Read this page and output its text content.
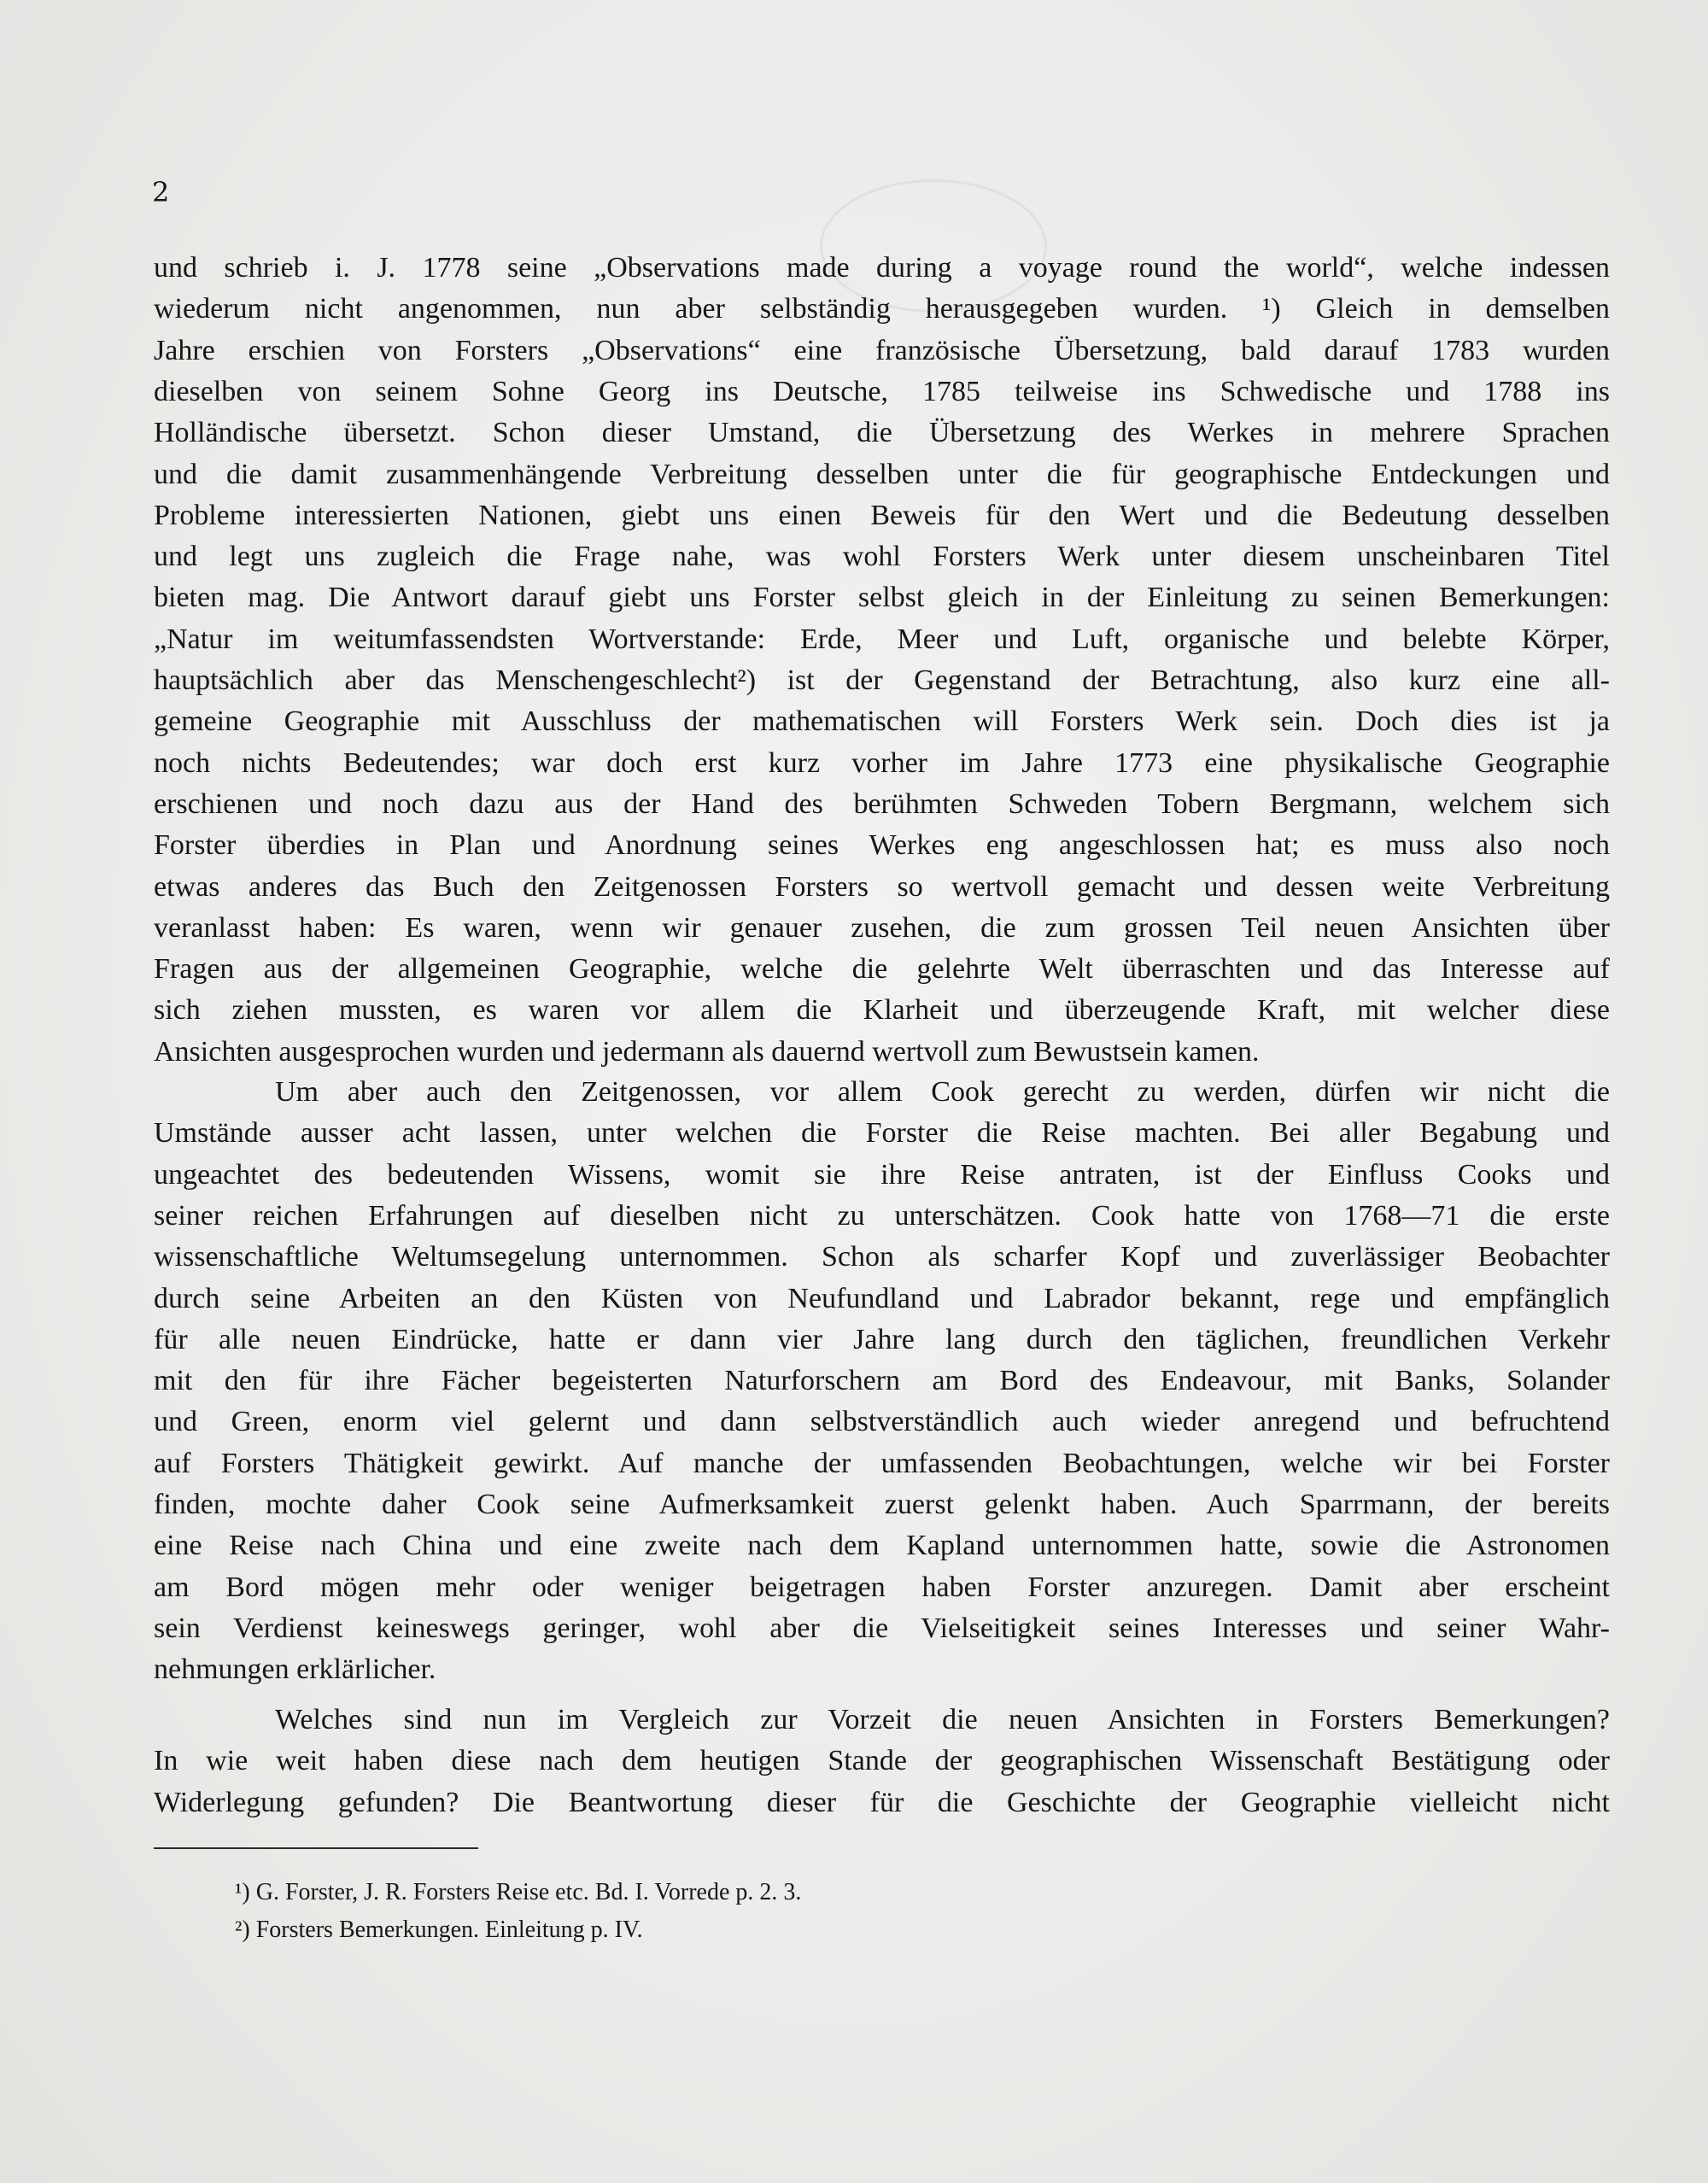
2
und schrieb i. J. 1778 seine „Observations made during a voyage round the world“, welche indessen
wiederum nicht angenommen, nun aber selbständig herausgegeben wurden. ¹) Gleich in demselben
Jahre erschien von Forsters „Observations“ eine französische Übersetzung, bald darauf 1783 wurden
dieselben von seinem Sohne Georg ins Deutsche, 1785 teilweise ins Schwedische und 1788 ins
Holländische übersetzt. Schon dieser Umstand, die Übersetzung des Werkes in mehrere Sprachen
und die damit zusammenhängende Verbreitung desselben unter die für geographische Entdeckungen und
Probleme interessierten Nationen, giebt uns einen Beweis für den Wert und die Bedeutung desselben
und legt uns zugleich die Frage nahe, was wohl Forsters Werk unter diesem unscheinbaren Titel
bieten mag. Die Antwort darauf giebt uns Forster selbst gleich in der Einleitung zu seinen Bemerkungen:
„Natur im weitumfassendsten Wortverstande: Erde, Meer und Luft, organische und belebte Körper,
hauptsächlich aber das Menschengeschlecht²) ist der Gegenstand der Betrachtung, also kurz eine all-
gemeine Geographie mit Ausschluss der mathematischen will Forsters Werk sein. Doch dies ist ja
noch nichts Bedeutendes; war doch erst kurz vorher im Jahre 1773 eine physikalische Geographie
erschienen und noch dazu aus der Hand des berühmten Schweden Tobern Bergmann, welchem sich
Forster überdies in Plan und Anordnung seines Werkes eng angeschlossen hat; es muss also noch
etwas anderes das Buch den Zeitgenossen Forsters so wertvoll gemacht und dessen weite Verbreitung
veranlasst haben: Es waren, wenn wir genauer zusehen, die zum grossen Teil neuen Ansichten über
Fragen aus der allgemeinen Geographie, welche die gelehrte Welt überraschten und das Interesse auf
sich ziehen mussten, es waren vor allem die Klarheit und überzeugende Kraft, mit welcher diese
Ansichten ausgesprochen wurden und jedermann als dauernd wertvoll zum Bewustsein kamen.
Um aber auch den Zeitgenossen, vor allem Cook gerecht zu werden, dürfen wir nicht die
Umstände ausser acht lassen, unter welchen die Forster die Reise machten. Bei aller Begabung und
ungeachtet des bedeutenden Wissens, womit sie ihre Reise antraten, ist der Einfluss Cooks und
seiner reichen Erfahrungen auf dieselben nicht zu unterschätzen. Cook hatte von 1768—71 die erste
wissenschaftliche Weltumsegelung unternommen. Schon als scharfer Kopf und zuverlässiger Beobachter
durch seine Arbeiten an den Küsten von Neufundland und Labrador bekannt, rege und empfänglich
für alle neuen Eindrücke, hatte er dann vier Jahre lang durch den täglichen, freundlichen Verkehr
mit den für ihre Fächer begeisterten Naturforschern am Bord des Endeavour, mit Banks, Solander
und Green, enorm viel gelernt und dann selbstverständlich auch wieder anregend und befruchtend
auf Forsters Thätigkeit gewirkt. Auf manche der umfassenden Beobachtungen, welche wir bei Forster
finden, mochte daher Cook seine Aufmerksamkeit zuerst gelenkt haben. Auch Sparrmann, der bereits
eine Reise nach China und eine zweite nach dem Kapland unternommen hatte, sowie die Astronomen
am Bord mögen mehr oder weniger beigetragen haben Forster anzuregen. Damit aber erscheint
sein Verdienst keineswegs geringer, wohl aber die Vielseitigkeit seines Interesses und seiner Wahr-
nehmungen erklärlicher.
Welches sind nun im Vergleich zur Vorzeit die neuen Ansichten in Forsters Bemerkungen?
In wie weit haben diese nach dem heutigen Stande der geographischen Wissenschaft Bestätigung oder
Widerlegung gefunden? Die Beantwortung dieser für die Geschichte der Geographie vielleicht nicht
¹) G. Forster, J. R. Forsters Reise etc. Bd. I. Vorrede p. 2. 3.
²) Forsters Bemerkungen. Einleitung p. IV.
